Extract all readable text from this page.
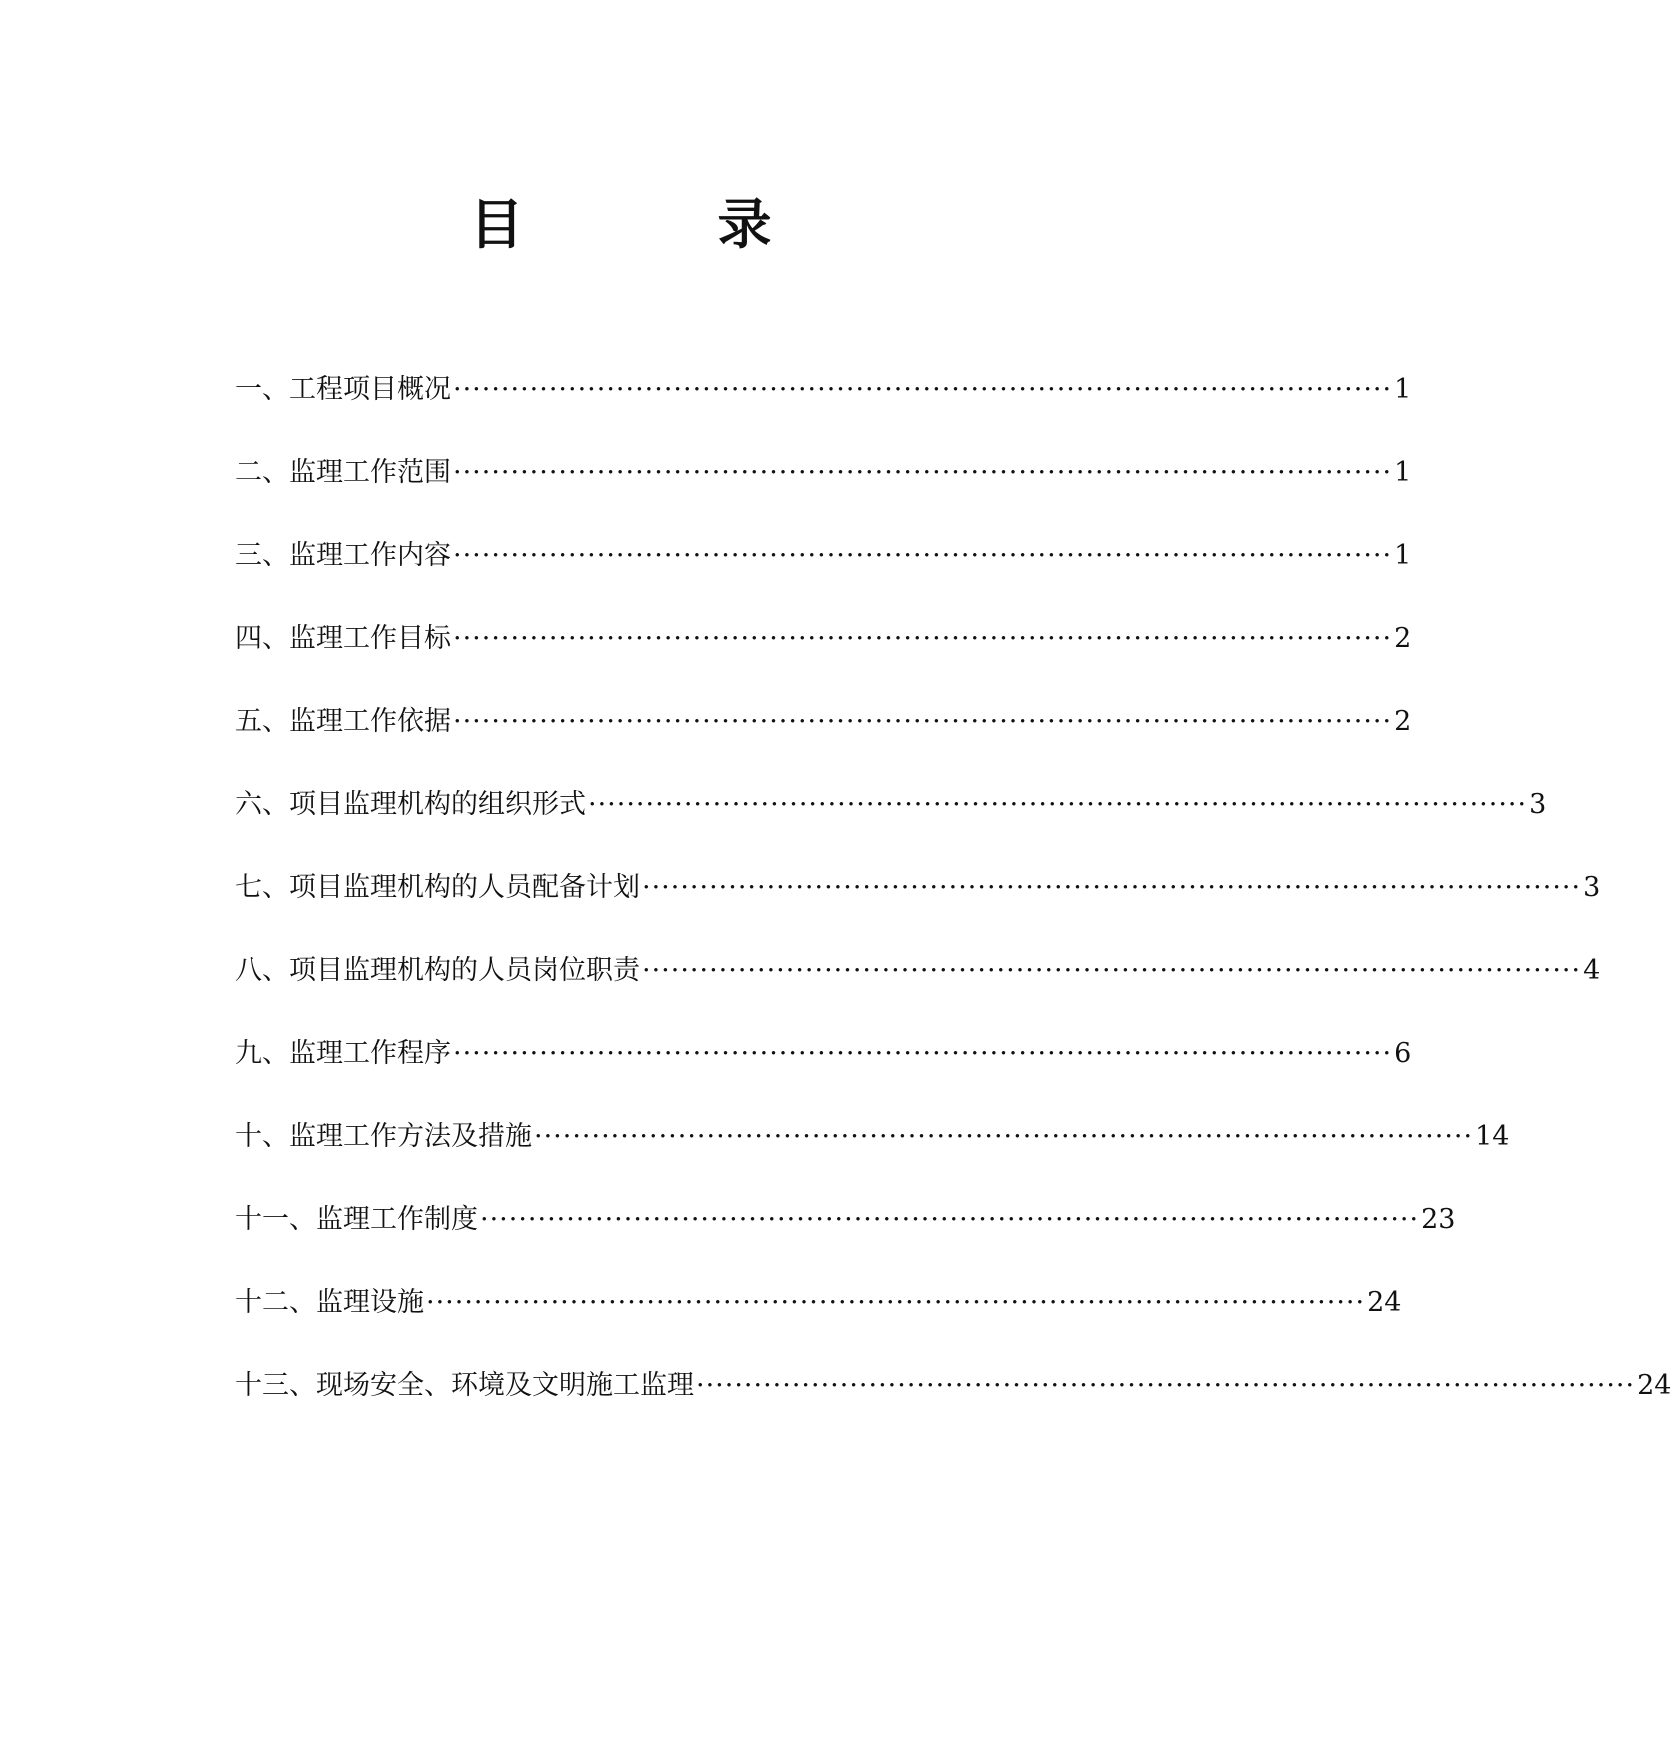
目　录
一、工程项目概况 ·································································································· 1
二、监理工作范围 ·································································································· 1
三、监理工作内容 ·································································································· 1
四、监理工作目标 ·································································································· 2
五、监理工作依据 ·································································································· 2
六、项目监理机构的组织形式 ·································································································· 3
七、项目监理机构的人员配备计划 ·································································································· 3
八、项目监理机构的人员岗位职责 ·································································································· 4
九、监理工作程序 ·································································································· 6
十、监理工作方法及措施 ·································································································· 14
十一、监理工作制度 ·································································································· 23
十二、监理设施 ·································································································· 24
十三、现场安全、环境及文明施工监理 ·································································································· 24
